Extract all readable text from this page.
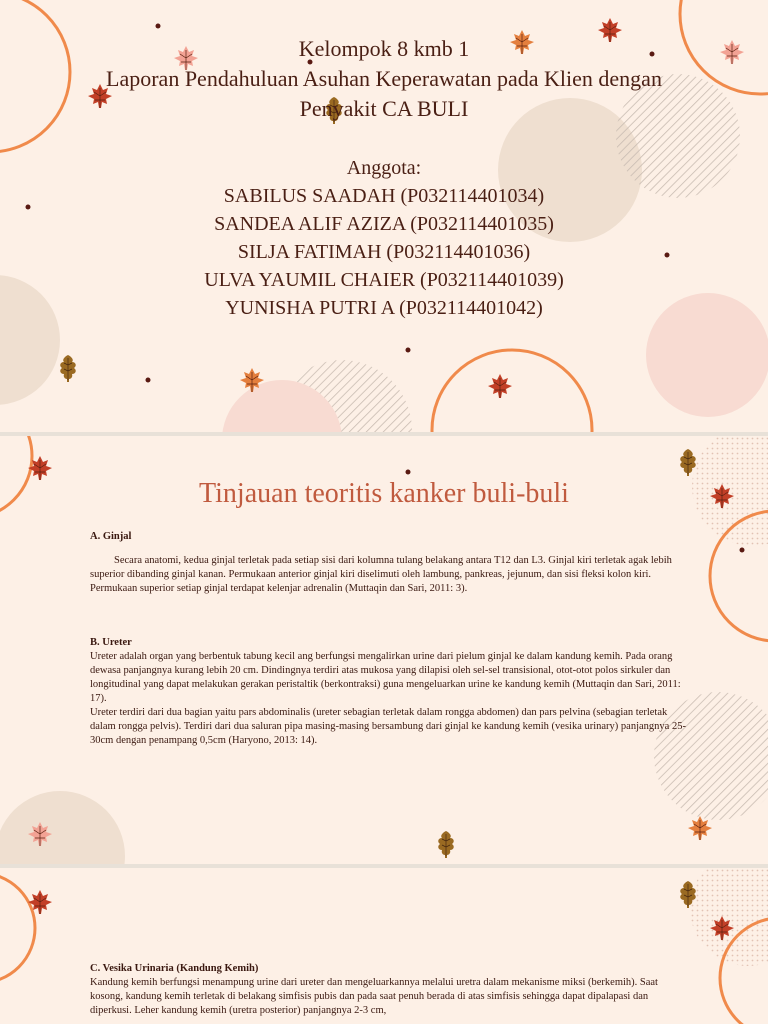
Kelompok 8 kmb 1
Laporan Pendahuluan Asuhan Keperawatan pada Klien dengan
Penyakit CA BULI
Anggota:
SABILUS SAADAH (P032114401034)
SANDEA ALIF AZIZA (P032114401035)
SILJA FATIMAH (P032114401036)
ULVA YAUMIL CHAIER (P032114401039)
YUNISHA PUTRI A (P032114401042)
Tinjauan teoritis kanker buli-buli

A. Ginjal

Secara anatomi, kedua ginjal terletak pada setiap sisi dari kolumna tulang belakang antara T12 dan L3. Ginjal kiri terletak agak lebih superior dibanding ginjal kanan. Permukaan anterior ginjal kiri diselimuti oleh lambung, pankreas, jejunum, dan sisi fleksi kolon kiri. Permukaan superior setiap ginjal terdapat kelenjar adrenalin (Muttaqin dan Sari, 2011: 3).

B. Ureter

Ureter adalah organ yang berbentuk tabung kecil ang berfungsi mengalirkan urine dari pielum ginjal ke dalam kandung kemih. Pada orang dewasa panjangnya kurang lebih 20 cm. Dindingnya terdiri atas mukosa yang dilapisi oleh sel-sel transisional, otot-otot polos sirkuler dan longitudinal yang dapat melakukan gerakan peristaltik (berkontraksi) guna mengeluarkan urine ke kandung kemih (Muttaqin dan Sari, 2011: 17).

Ureter terdiri dari dua bagian yaitu pars abdominalis (ureter sebagian terletak dalam rongga abdomen) dan pars pelvina (sebagian terletak dalam rongga pelvis). Terdiri dari dua saluran pipa masing-masing bersambung dari ginjal ke kandung kemih (vesika urinary) panjangnya 25-30cm dengan penampang 0,5cm (Haryono, 2013: 14).

C. Vesika Urinaria (Kandung Kemih)

Kandung kemih berfungsi menampung urine dari ureter dan mengeluarkannya melalui uretra dalam mekanisme miksi (berkemih). Saat kosong, kandung kemih terletak di belakang simfisis pubis dan pada saat penuh berada di atas simfisis sehingga dapat dipalapasi dan diperkusi. Leher kandung kemih (uretra posterior) panjangnya 2-3 cm,
